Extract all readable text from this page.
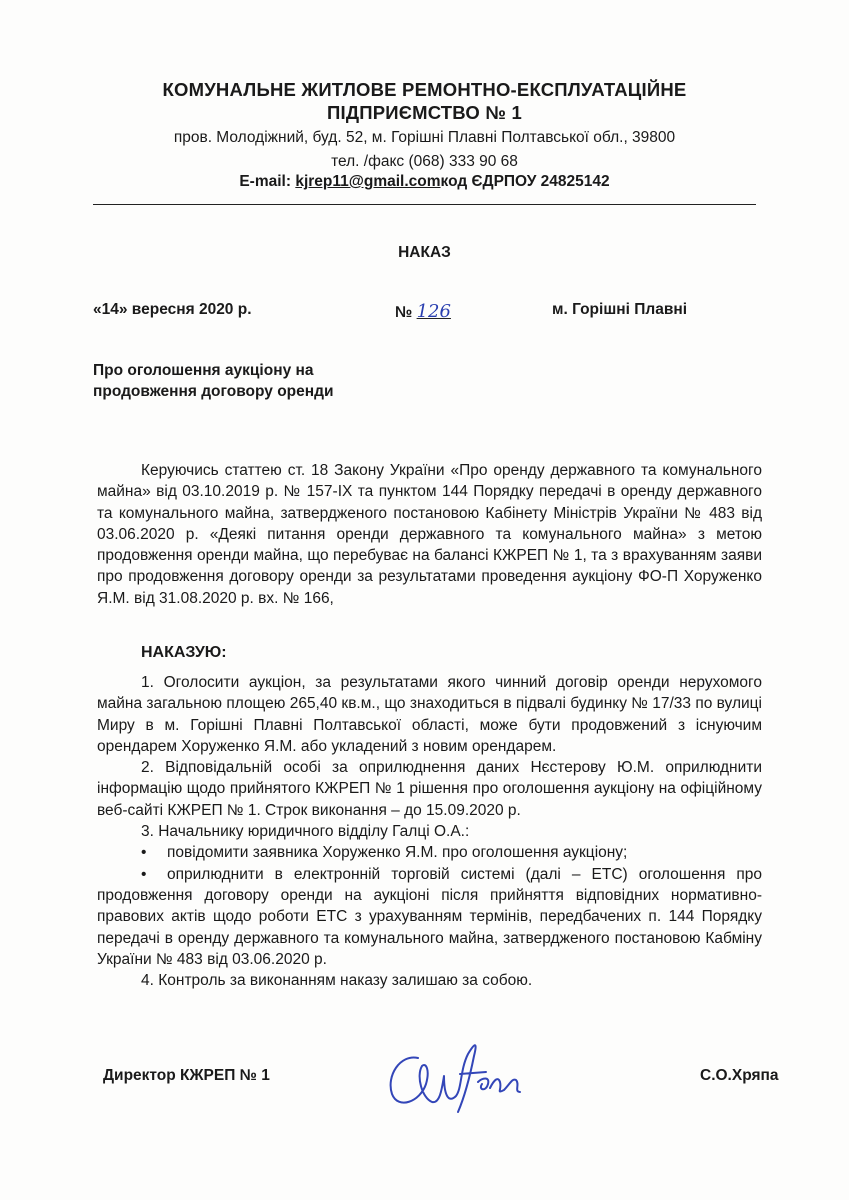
КОМУНАЛЬНЕ ЖИТЛОВЕ РЕМОНТНО-ЕКСПЛУАТАЦІЙНЕ
ПІДПРИЄМСТВО № 1
пров. Молодіжний, буд. 52, м. Горішні Плавні Полтавської обл., 39800
тел. /факс (068) 333 90 68
E-mail: kjrep11@gmail.comкод ЄДРПОУ 24825142
НАКАЗ
«14» вересня 2020 р.	№ 126	м. Горішні Плавні
Про оголошення аукціону на продовження договору оренди
Керуючись статтею ст. 18 Закону України «Про оренду державного та комунального майна» від 03.10.2019 р. № 157-IX та пунктом 144 Порядку передачі в оренду державного та комунального майна, затвердженого постановою Кабінету Міністрів України № 483 від 03.06.2020 р. «Деякі питання оренди державного та комунального майна» з метою продовження оренди майна, що перебуває на балансі КЖРЕП № 1, та з врахуванням заяви про продовження договору оренди за результатами проведення аукціону ФО-П Хоруженко Я.М. від 31.08.2020 р. вх. № 166,
НАКАЗУЮ:

1. Оголосити аукціон, за результатами якого чинний договір оренди нерухомого майна загальною площею 265,40 кв.м., що знаходиться в підвалі будинку № 17/33 по вулиці Миру в м. Горішні Плавні Полтавської області, може бути продовжений з існуючим орендарем Хоруженко Я.М. або укладений з новим орендарем.

2. Відповідальній особі за оприлюднення даних Нєстерову Ю.М. оприлюднити інформацію щодо прийнятого КЖРЕП № 1 рішення про оголошення аукціону на офіційному веб-сайті КЖРЕП № 1. Строк виконання – до 15.09.2020 р.

3. Начальнику юридичного відділу Галці О.А.:

• повідомити заявника Хоруженко Я.М. про оголошення аукціону;

• оприлюднити в електронній торговій системі (далі – ЕТС) оголошення про продовження договору оренди на аукціоні після прийняття відповідних нормативно-правових актів щодо роботи ЕТС з урахуванням термінів, передбачених п. 144 Порядку передачі в оренду державного та комунального майна, затвердженого постановою Кабміну України № 483 від 03.06.2020 р.

4. Контроль за виконанням наказу залишаю за собою.

Директор КЖРЕП № 1	С.О.Хряпа
